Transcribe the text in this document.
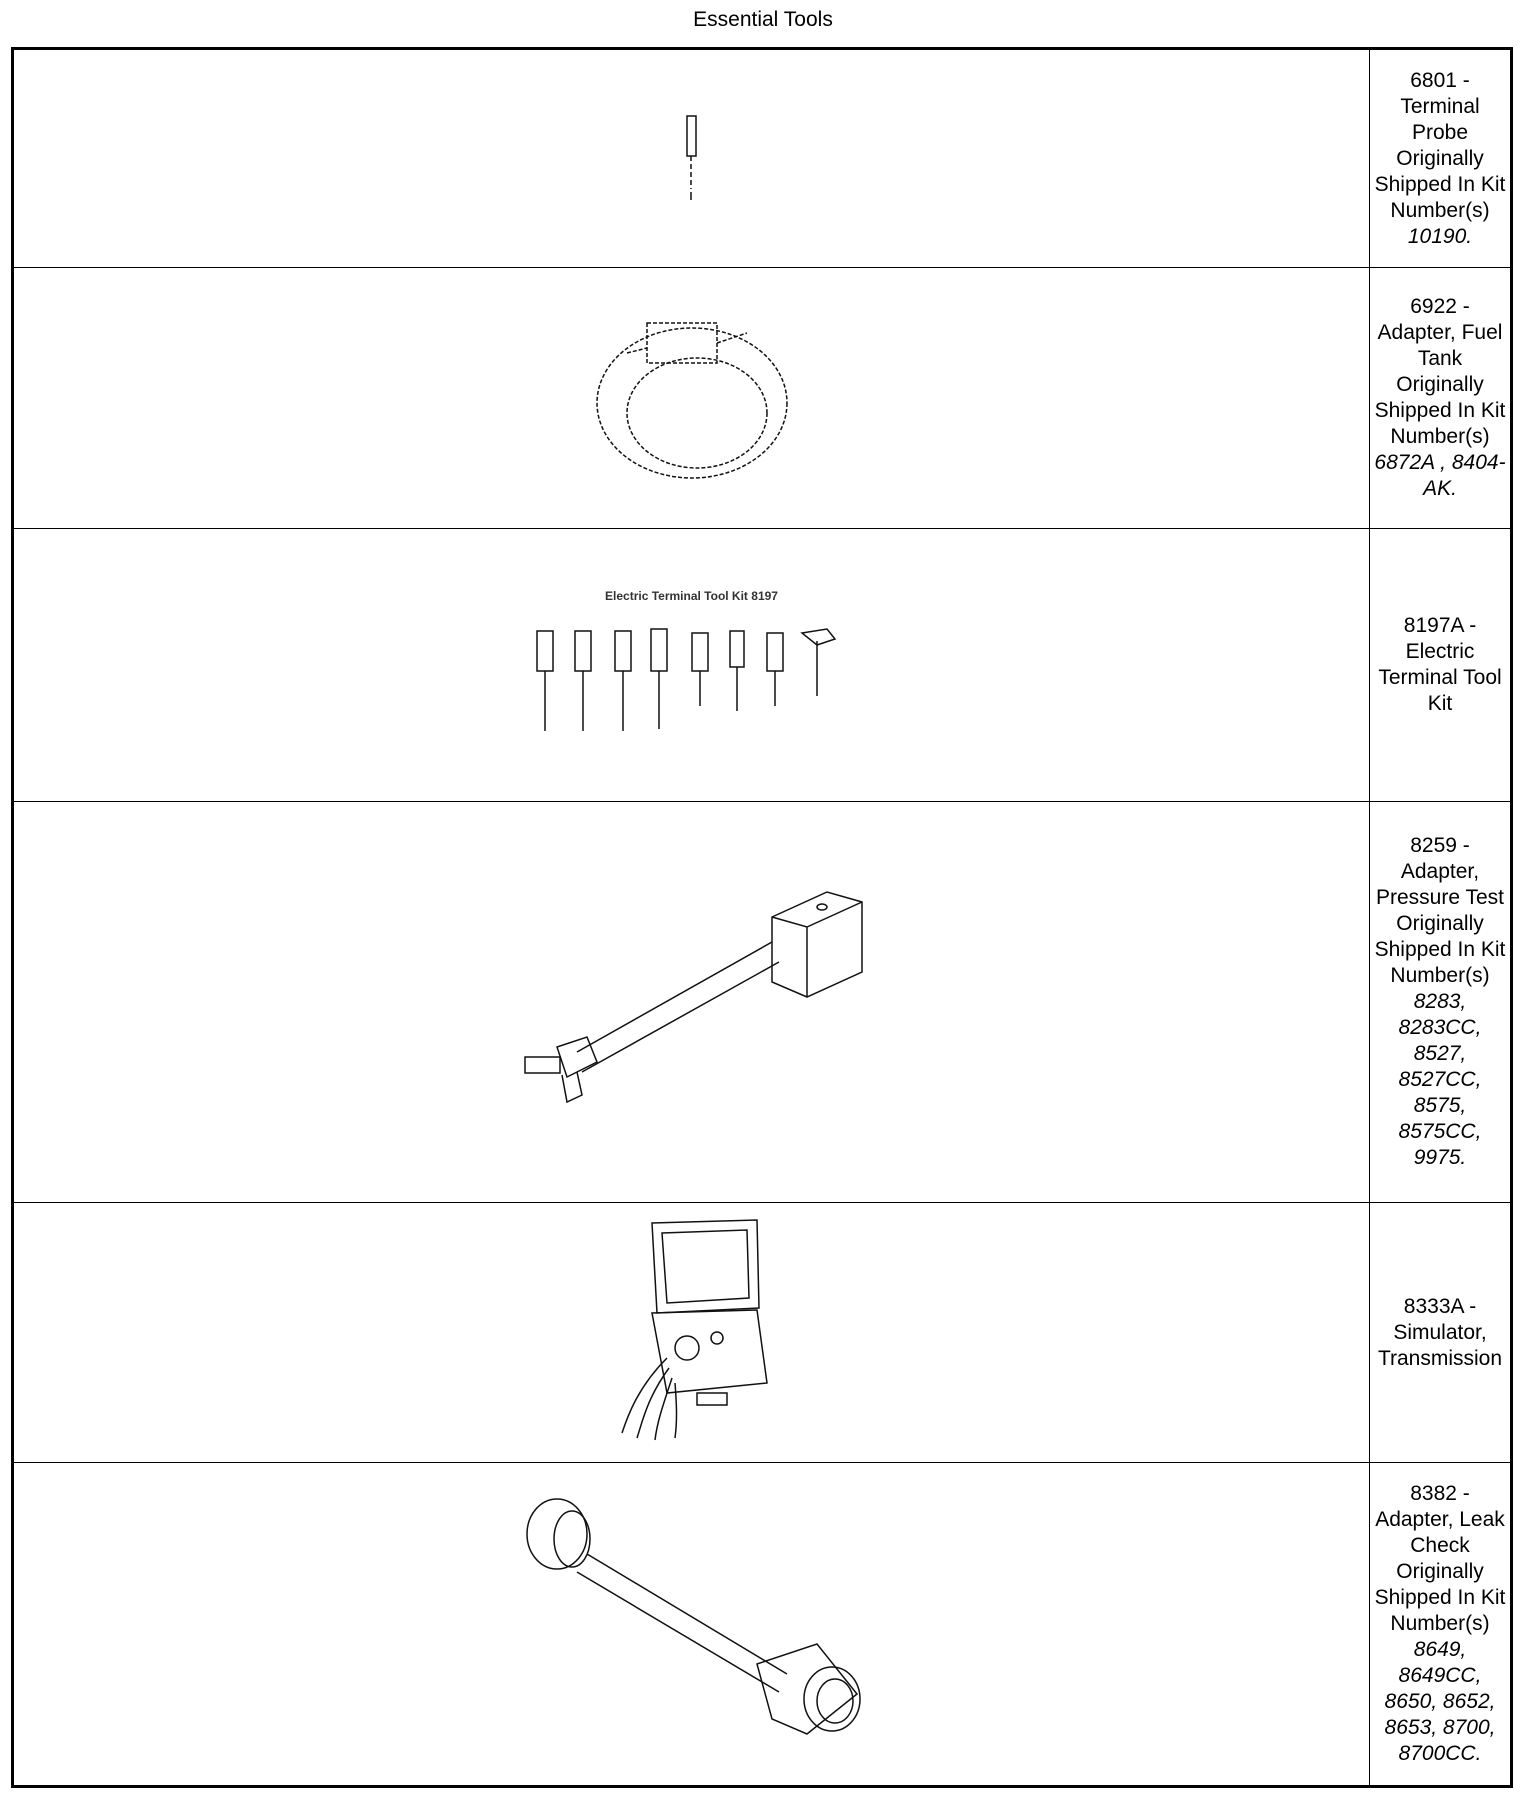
Essential Tools

6801 -
Terminal Probe
Originally Shipped In Kit Number(s)
10190.

6922 -
Adapter, Fuel Tank
Originally Shipped In Kit Number(s)
6872A , 8404-AK.

Electric Terminal Tool Kit 8197	8197A -
Electric Terminal Tool Kit

8259 -
Adapter, Pressure Test
Originally Shipped In Kit Number(s)
8283, 8283CC, 8527, 8527CC, 8575, 8575CC, 9975.

8333A -
Simulator, Transmission

8382 -
Adapter, Leak Check
Originally Shipped In Kit Number(s)
8649, 8649CC, 8650, 8652, 8653, 8700, 8700CC.
